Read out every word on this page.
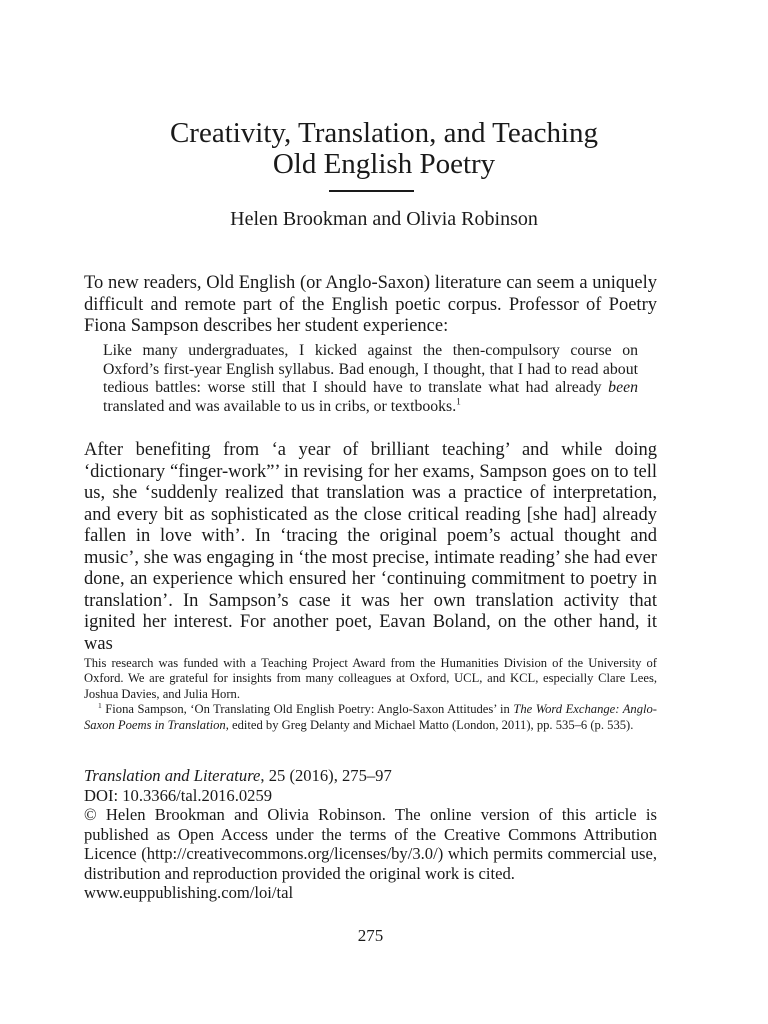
Creativity, Translation, and Teaching
Old English Poetry
Helen Brookman and Olivia Robinson

To new readers, Old English (or Anglo-Saxon) literature can seem a uniquely difficult and remote part of the English poetic corpus. Professor of Poetry Fiona Sampson describes her student experience:

Like many undergraduates, I kicked against the then-compulsory course on Oxford’s first-year English syllabus. Bad enough, I thought, that I had to read about tedious battles: worse still that I should have to translate what had already been translated and was available to us in cribs, or textbooks.$^1$

After benefiting from ‘a year of brilliant teaching’ and while doing ‘dictionary “finger-work”’ in revising for her exams, Sampson goes on to tell us, she ‘suddenly realized that translation was a practice of interpretation, and every bit as sophisticated as the close critical reading [she had] already fallen in love with’. In ‘tracing the original poem’s actual thought and music’, she was engaging in ‘the most precise, intimate reading’ she had ever done, an experience which ensured her ‘continuing commitment to poetry in translation’. In Sampson’s case it was her own translation activity that ignited her interest. For another poet, Eavan Boland, on the other hand, it was

This research was funded with a Teaching Project Award from the Humanities Division of the University of Oxford. We are grateful for insights from many colleagues at Oxford, UCL, and KCL, especially Clare Lees, Joshua Davies, and Julia Horn.

$^1$ Fiona Sampson, ‘On Translating Old English Poetry: Anglo-Saxon Attitudes’ in The Word Exchange: Anglo-Saxon Poems in Translation, edited by Greg Delanty and Michael Matto (London, 2011), pp. 535–6 (p. 535).

Translation and Literature, 25 (2016), 275–97

DOI: 10.3366/tal.2016.0259

© Helen Brookman and Olivia Robinson. The online version of this article is published as Open Access under the terms of the Creative Commons Attribution Licence (http://creativecommons.org/licenses/by/3.0/) which permits commercial use, distribution and reproduction provided the original work is cited.

www.euppublishing.com/loi/tal

275
